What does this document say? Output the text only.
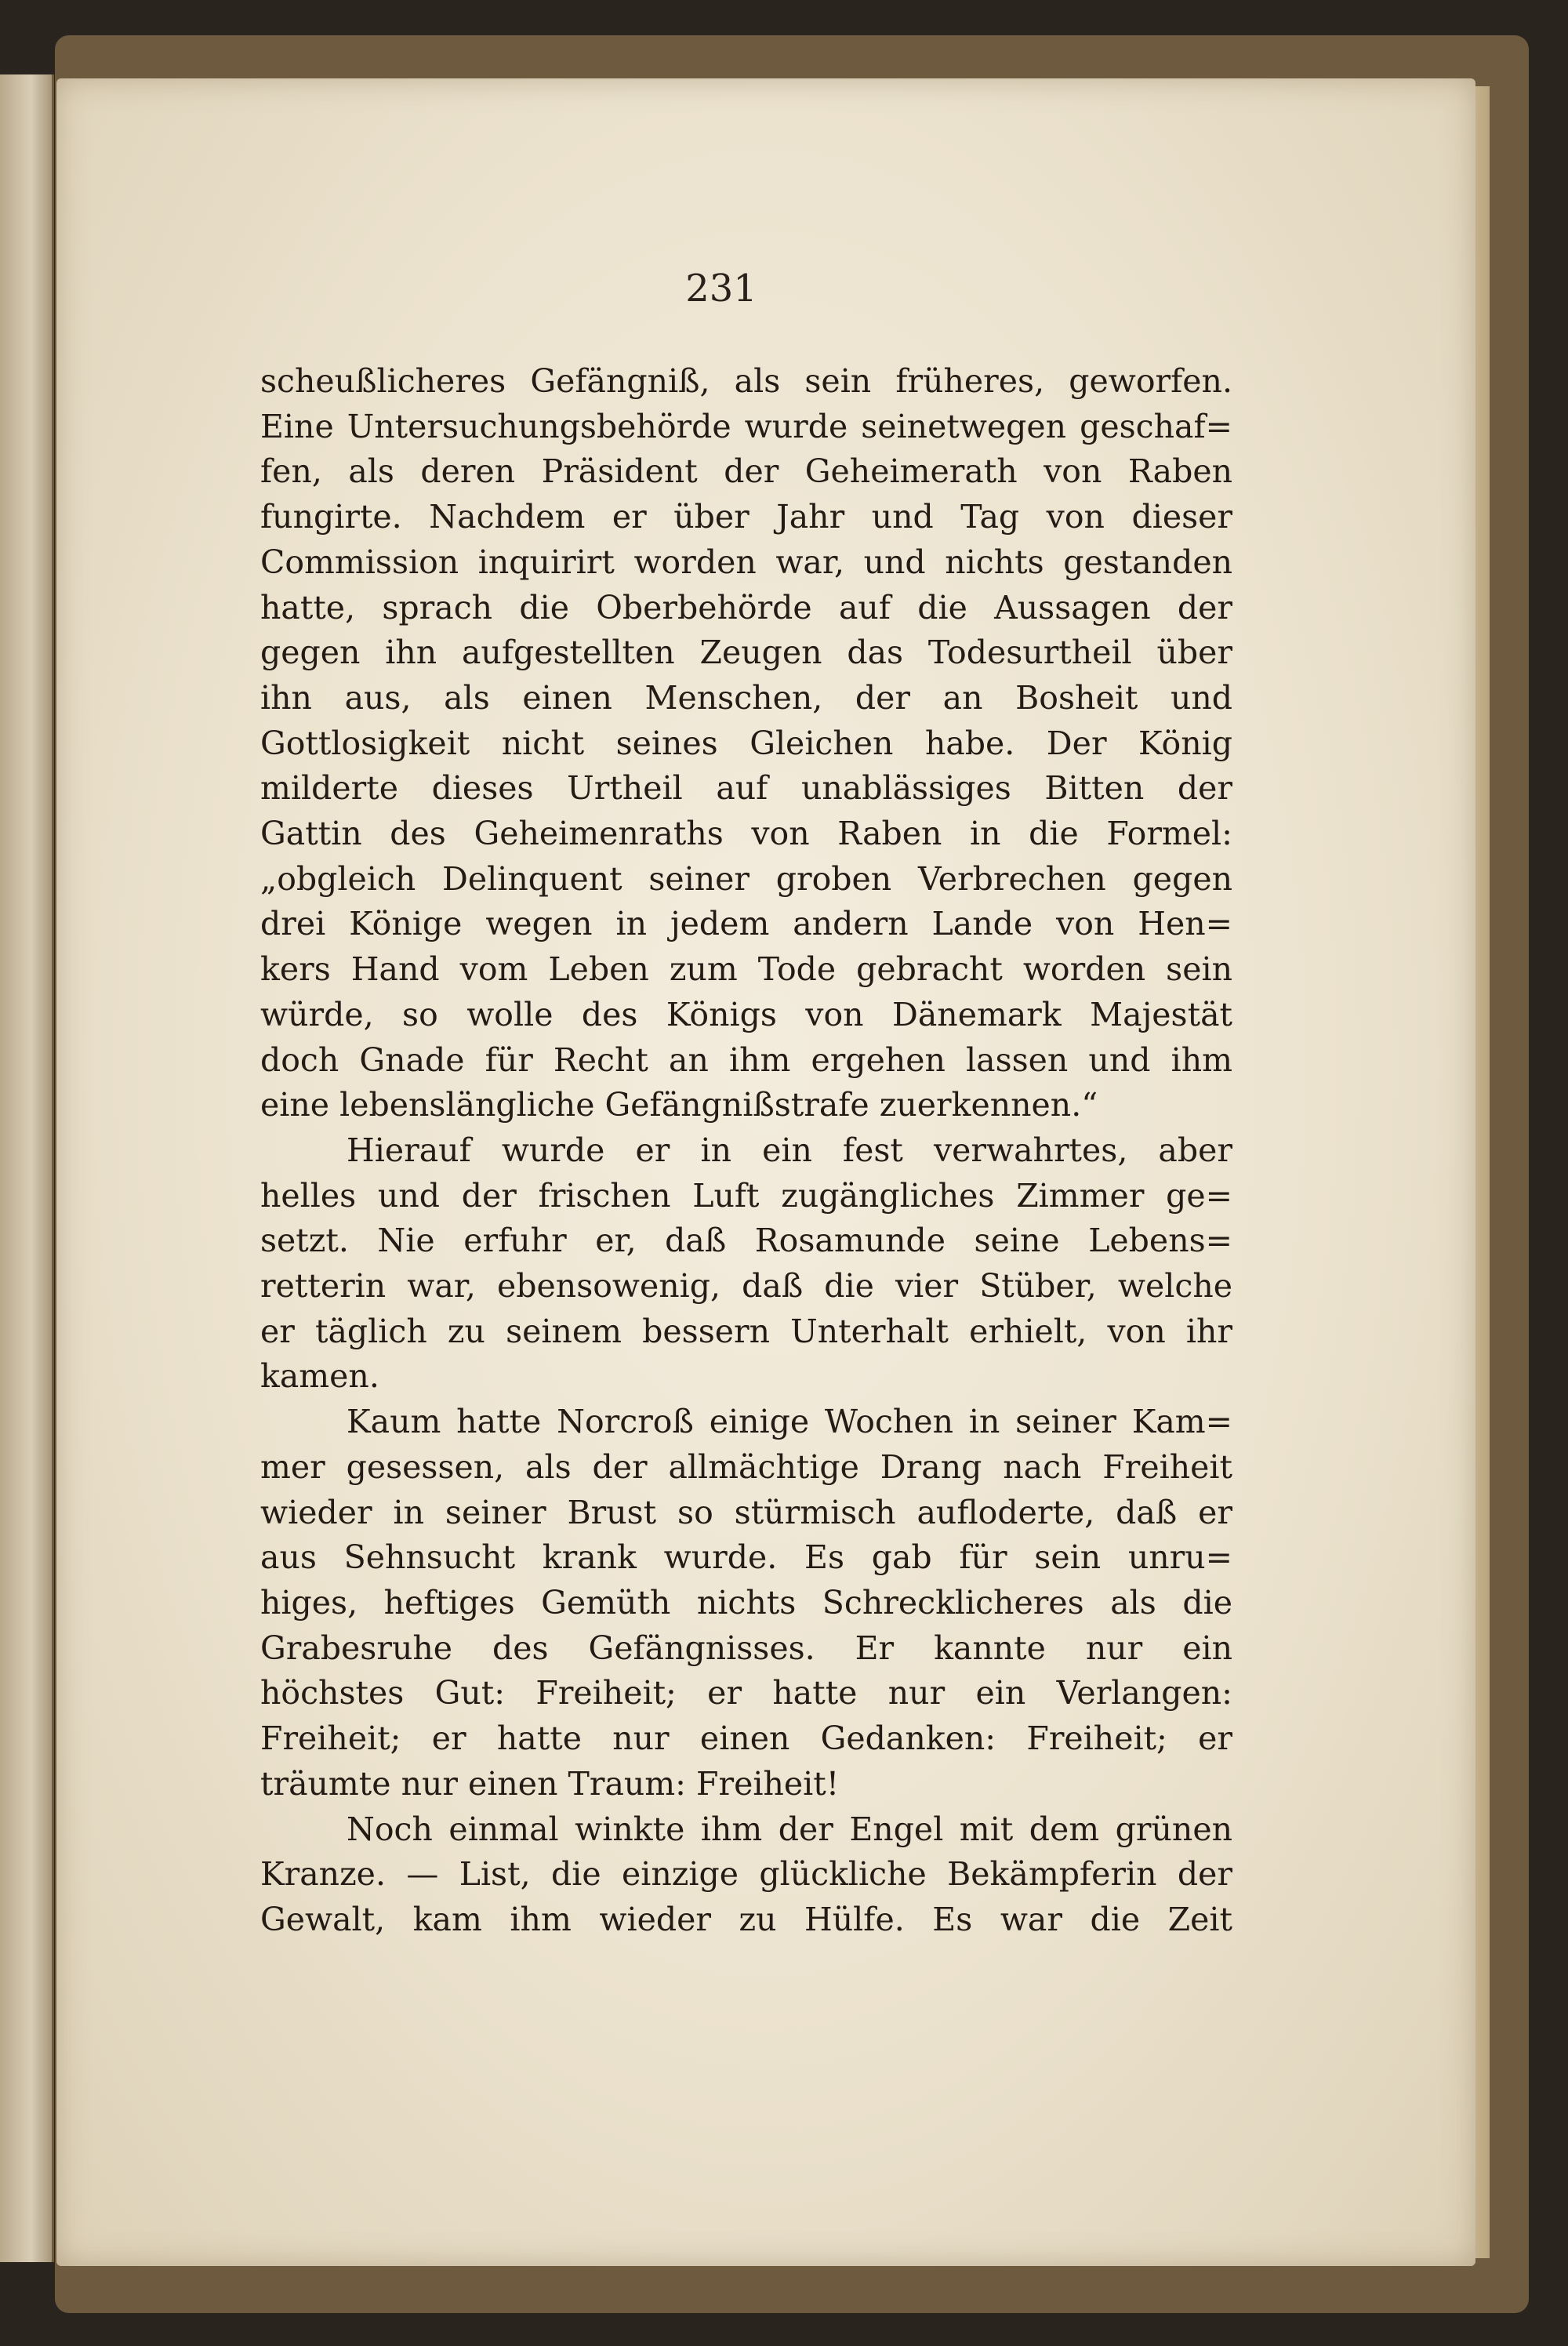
231
scheußlicheres Gefängniß, als sein früheres, geworfen.
Eine Untersuchungsbehörde wurde seinetwegen geschaf=
fen, als deren Präsident der Geheimerath von Raben
fungirte. Nachdem er über Jahr und Tag von dieser
Commission inquirirt worden war, und nichts gestanden
hatte, sprach die Oberbehörde auf die Aussagen der
gegen ihn aufgestellten Zeugen das Todesurtheil über
ihn aus, als einen Menschen, der an Bosheit und
Gottlosigkeit nicht seines Gleichen habe. Der König
milderte dieses Urtheil auf unablässiges Bitten der
Gattin des Geheimenraths von Raben in die Formel:
„obgleich Delinquent seiner groben Verbrechen gegen
drei Könige wegen in jedem andern Lande von Hen=
kers Hand vom Leben zum Tode gebracht worden sein
würde, so wolle des Königs von Dänemark Majestät
doch Gnade für Recht an ihm ergehen lassen und ihm
eine lebenslängliche Gefängnißstrafe zuerkennen.“
Hierauf wurde er in ein fest verwahrtes, aber
helles und der frischen Luft zugängliches Zimmer ge=
setzt. Nie erfuhr er, daß Rosamunde seine Lebens=
retterin war, ebensowenig, daß die vier Stüber, welche
er täglich zu seinem bessern Unterhalt erhielt, von ihr
kamen.
Kaum hatte Norcroß einige Wochen in seiner Kam=
mer gesessen, als der allmächtige Drang nach Freiheit
wieder in seiner Brust so stürmisch aufloderte, daß er
aus Sehnsucht krank wurde. Es gab für sein unru=
higes, heftiges Gemüth nichts Schrecklicheres als die
Grabesruhe des Gefängnisses. Er kannte nur ein
höchstes Gut: Freiheit; er hatte nur ein Verlangen:
Freiheit; er hatte nur einen Gedanken: Freiheit; er
träumte nur einen Traum: Freiheit!
Noch einmal winkte ihm der Engel mit dem grünen
Kranze. — List, die einzige glückliche Bekämpferin der
Gewalt, kam ihm wieder zu Hülfe. Es war die Zeit
